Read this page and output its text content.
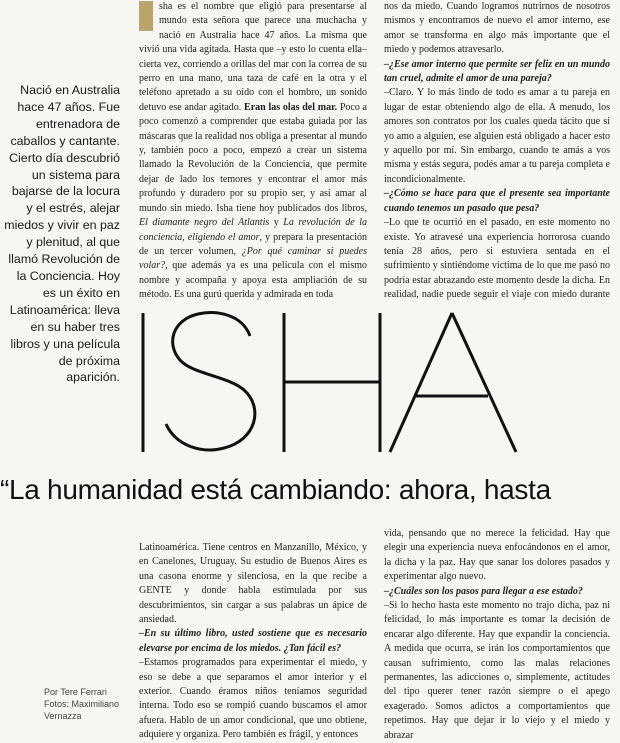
Nació en Australia hace 47 años. Fue entrenadora de caballos y cantante. Cierto día descubrió un sistema para bajarse de la locura y el estrés, alejar miedos y vivir en paz y plenitud, al que llamó Revolución de la Conciencia. Hoy es un éxito en Latinoamérica: lleva en su haber tres libros y una película de próxima aparición.

sha es el nombre que eligió para presentarse al mundo esta señora que parece una muchacha y nació en Australia hace 47 años. La misma que vivió una vida agitada. Hasta que –y esto lo cuenta ella– cierta vez, corriendo a orillas del mar con la correa de su perro en una mano, una taza de café en la otra y el teléfono apretado a su oído con el hombro, un sonido detuvo ese andar agitado. Eran las olas del mar. Poco a poco comenzó a comprender que estaba guiada por las máscaras que la realidad nos obliga a presentar al mundo y, también poco a poco, empezó a crear un sistema llamado la Revolución de la Conciencia, que permite dejar de lado los temores y encontrar el amor más profundo y duradero por su propio ser, y así amar al mundo sin miedo. Isha tiene hoy publicados dos libros, El diamante negro del Atlantis y La revolución de la conciencia, eligiendo el amor, y prepara la presentación de un tercer volumen, ¿Por qué caminar si puedes volar?, que además ya es una película con el mismo nombre y acompaña y apoya esta ampliación de su método. Es una gurú querida y admirada en toda

nos da miedo. Cuando logramos nutrirnos de nosotros mismos y encontramos de nuevo el amor interno, ese amor se transforma en algo más importante que el miedo y podemos atravesarlo.

–¿Ese amor interno que permite ser feliz en un mundo tan cruel, admite el amor de una pareja?

–Claro. Y lo más lindo de todo es amar a tu pareja en lugar de estar obteniendo algo de ella. A menudo, los amores son contratos por los cuales queda tácito que si yo amo a alguien, ese alguien está obligado a hacer esto y aquello por mí. Sin embargo, cuando te amás a vos misma y estás segura, podés amar a tu pareja completa e incondicionalmente.

–¿Cómo se hace para que el presente sea importante cuando tenemos un pasado que pesa?

–Lo que te ocurrió en el pasado, en este momento no existe. Yo atravesé una experiencia horrorosa cuando tenía 28 años, pero si estuviera sentada en el sufrimiento y sintiéndome víctima de lo que me pasó no podría estar abrazando este momento desde la dicha. En realidad, nadie puede seguir el viaje con miedo durante

“La humanidad está cambiando: ahora, hasta

Latinoamérica. Tiene centros en Manzanillo, México, y en Canelones, Uruguay. Su estudio de Buenos Aires es una casona enorme y silenciosa, en la que recibe a GENTE y donde habla estimulada por sus descubrimientos, sin cargar a sus palabras un ápice de ansiedad.

–En su último libro, usted sostiene que es necesario elevarse por encima de los miedos. ¿Tan fácil es?

–Estamos programados para experimentar el miedo, y eso se debe a que separamos el amor interior y el exterior. Cuando éramos niños teníamos seguridad interna. Todo eso se rompió cuando buscamos el amor afuera. Hablo de un amor condicional, que uno obtiene, adquiere y organiza. Pero también es frágil, y entonces

vida, pensando que no merece la felicidad. Hay que elegir una experiencia nueva enfocándonos en el amor, la dicha y la paz. Hay que sanar los dolores pasados y experimentar algo nuevo.

–¿Cuáles son los pasos para llegar a ese estado?

–Si lo hecho hasta este momento no trajo dicha, paz ni felicidad, lo más importante es tomar la decisión de encarar algo diferente. Hay que expandir la conciencia. A medida que ocurra, se irán los comportamientos que causan sufrimiento, como las malas relaciones permanentes, las adicciones o, simplemente, actitudes del tipo querer tener razón siempre o el apego exagerado. Somos adictos a comportamientos que repetimos. Hay que dejar ir lo viejo y el miedo y abrazar

Por Tere Ferrari
Fotos: Maximiliano
Vernazza
